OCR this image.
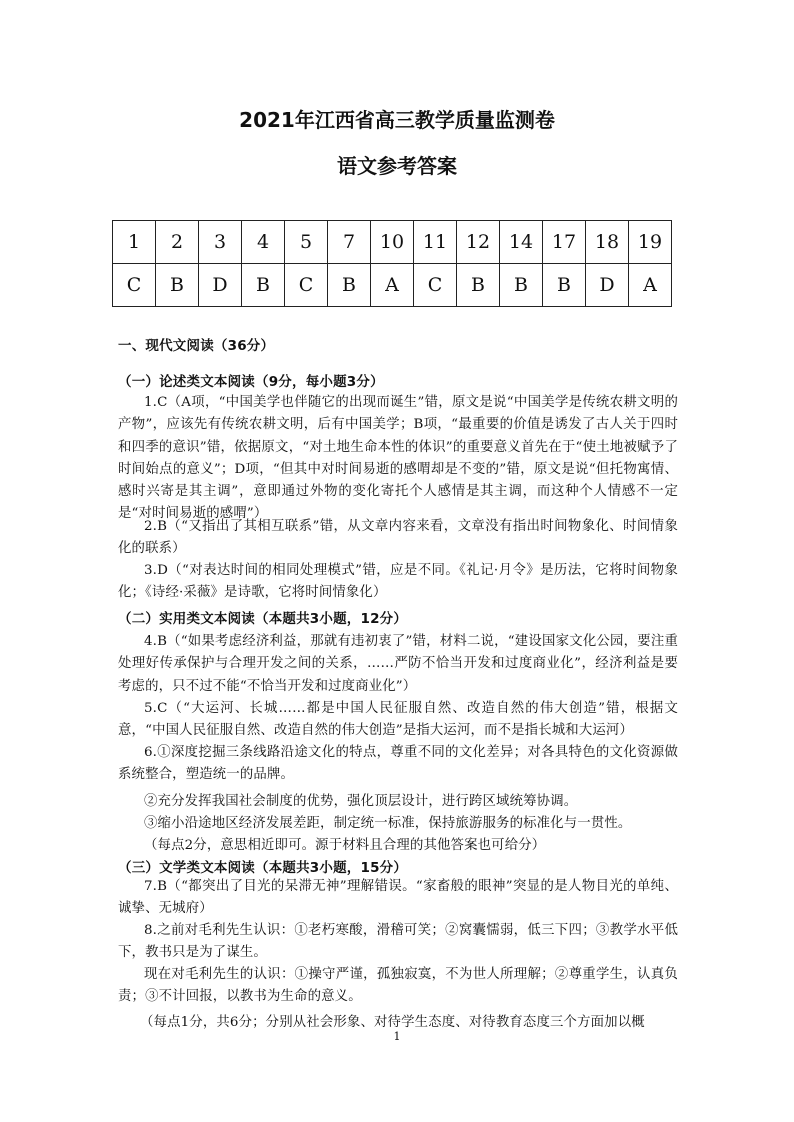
2021年江西省高三教学质量监测卷
语文参考答案
1	2	3	4	5	7	10	11	12	14	17	18	19
C	B	D	B	C	B	A	C	B	B	B	D	A
一、现代文阅读（36分）
（一）论述类文本阅读（9分，每小题3分）
1.C（A项，“中国美学也伴随它的出现而诞生”错，原文是说“中国美学是传统农耕文明的产物”，应该先有传统农耕文明，后有中国美学；B项，“最重要的价值是诱发了古人关于四时和四季的意识”错，依据原文，“对土地生命本性的体识”的重要意义首先在于“使土地被赋予了时间始点的意义”；D项，“但其中对时间易逝的感喟却是不变的”错，原文是说“但托物寓情、感时兴寄是其主调”，意即通过外物的变化寄托个人感情是其主调，而这种个人情感不一定是“对时间易逝的感喟”）
2.B（“又指出了其相互联系”错，从文章内容来看，文章没有指出时间物象化、时间情象化的联系）
3.D（“对表达时间的相同处理模式”错，应是不同。《礼记·月令》是历法，它将时间物象化；《诗经·采薇》是诗歌，它将时间情象化）
（二）实用类文本阅读（本题共3小题，12分）
4.B（“如果考虑经济利益，那就有违初衷了”错，材料二说，“建设国家文化公园，要注重处理好传承保护与合理开发之间的关系，……严防不恰当开发和过度商业化”，经济利益是要考虑的，只不过不能“不恰当开发和过度商业化”）
5.C（“大运河、长城……都是中国人民征服自然、改造自然的伟大创造”错，根据文意，“中国人民征服自然、改造自然的伟大创造”是指大运河，而不是指长城和大运河）
6.①深度挖掘三条线路沿途文化的特点，尊重不同的文化差异；对各具特色的文化资源做系统整合，塑造统一的品牌。
②充分发挥我国社会制度的优势，强化顶层设计，进行跨区域统筹协调。
③缩小沿途地区经济发展差距，制定统一标准，保持旅游服务的标准化与一贯性。
（每点2分，意思相近即可。源于材料且合理的其他答案也可给分）
（三）文学类文本阅读（本题共3小题，15分）
7.B（“都突出了目光的呆滞无神”理解错误。“家畜般的眼神”突显的是人物目光的单纯、诚挚、无城府）
8.之前对毛利先生认识：①老朽寒酸，滑稽可笑；②窝囊懦弱，低三下四；③教学水平低下，教书只是为了谋生。
现在对毛利先生的认识：①操守严谨，孤独寂寞，不为世人所理解；②尊重学生，认真负责；③不计回报，以教书为生命的意义。
（每点1分，共6分；分别从社会形象、对待学生态度、对待教育态度三个方面加以概
1
